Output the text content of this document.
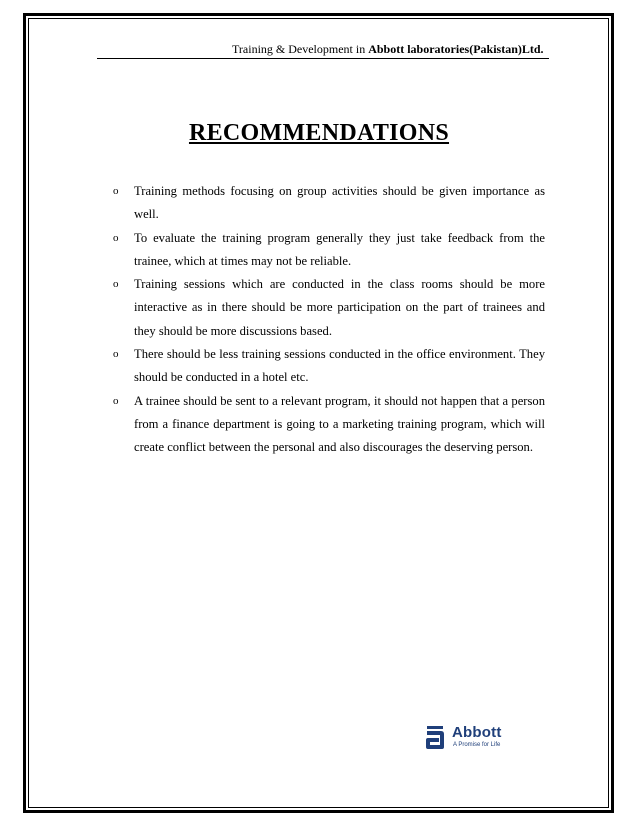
Training & Development in Abbott laboratories(Pakistan)Ltd.

RECOMMENDATIONS
o Training methods focusing on group activities should be given importance as well.
o To evaluate the training program generally they just take feedback from the trainee, which at times may not be reliable.
o Training sessions which are conducted in the class rooms should be more interactive as in there should be more participation on the part of trainees and they should be more discussions based.
o There should be less training sessions conducted in the office environment. They should be conducted in a hotel etc.
o A trainee should be sent to a relevant program, it should not happen that a person from a finance department is going to a marketing training program, which will create conflict between the personal and also discourages the deserving person.
Abbott
A Promise for Life
